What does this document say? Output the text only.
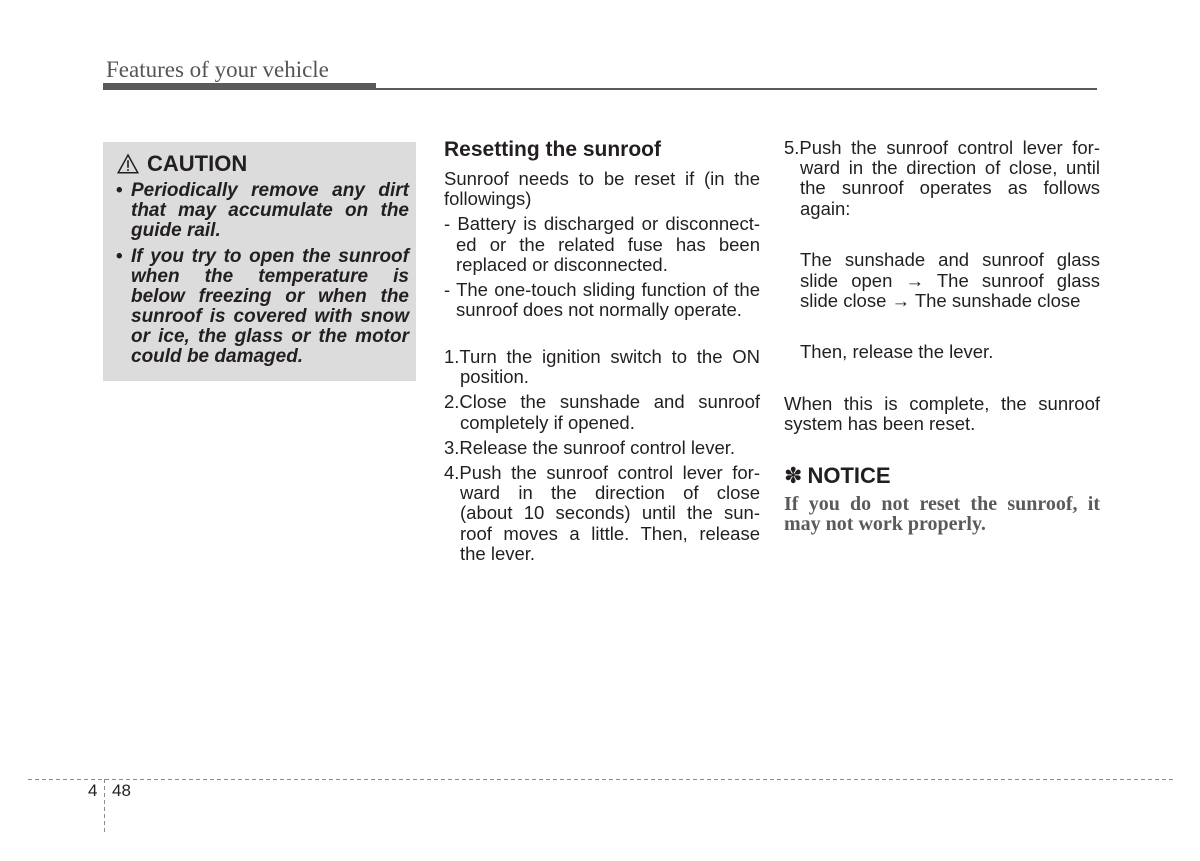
Features of your vehicle
CAUTION
• Periodically remove any dirt
that may accumulate on the
guide rail.
• If you try to open the sunroof
when the temperature is
below freezing or when the
sunroof is covered with snow
or ice, the glass or the motor
could be damaged.
Resetting the sunroof
Sunroof needs to be reset if (in the
followings)
- Battery is discharged or disconnect-
ed or the related fuse has been
replaced or disconnected.
- The one-touch sliding function of the
sunroof does not normally operate.
1.Turn the ignition switch to the ON
position.
2.Close the sunshade and sunroof
completely if opened.
3.Release the sunroof control lever.
4.Push the sunroof control lever for-
ward in the direction of close
(about 10 seconds) until the sun-
roof moves a little. Then, release
the lever.
5.Push the sunroof control lever for-
ward in the direction of close, until
the sunroof operates as follows
again:
The sunshade and sunroof glass
slide open → The sunroof glass
slide close → The sunshade close
Then, release the lever.
When this is complete, the sunroof
system has been reset.
✽ NOTICE
If you do not reset the sunroof, it
may not work properly.
4 48
